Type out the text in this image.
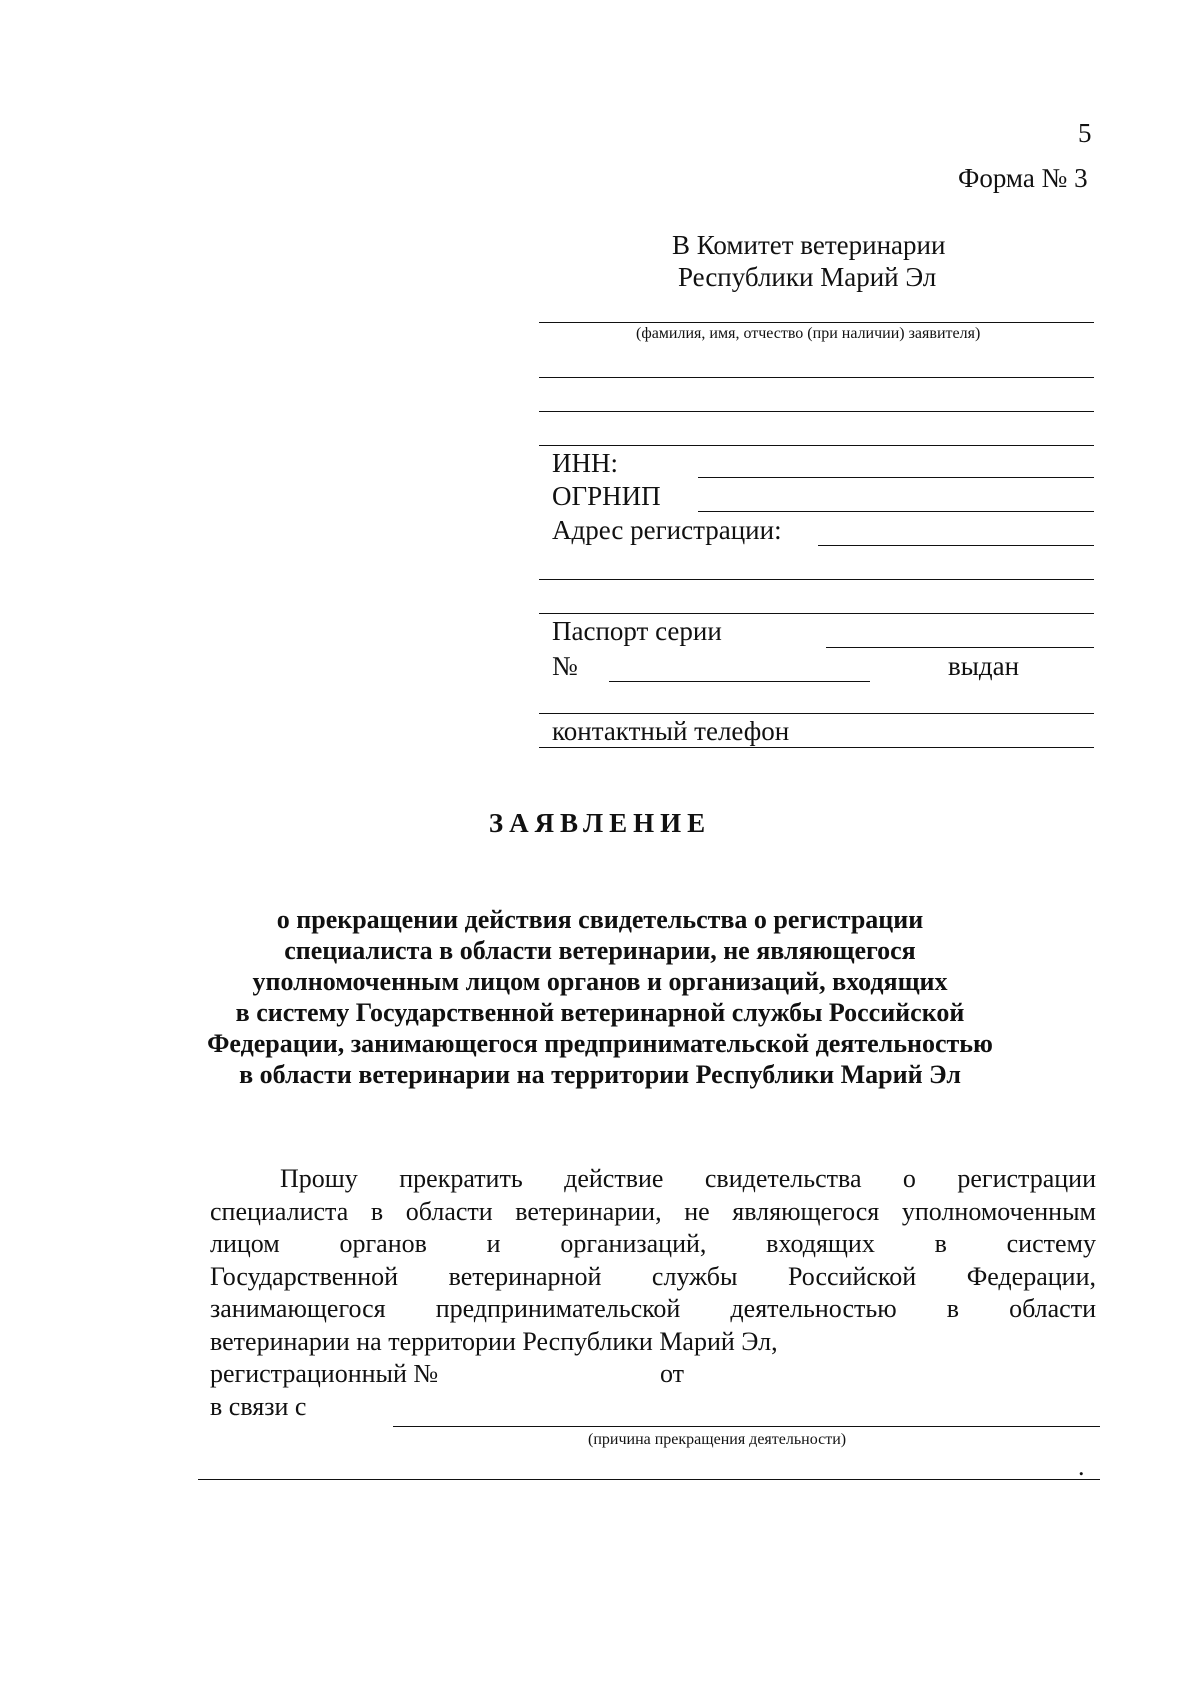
5
Форма № 3
В Комитет ветеринарии
Республики Марий Эл
(фамилия, имя, отчество (при наличии) заявителя)
ИНН:
ОГРНИП
Адрес регистрации:
Паспорт серии
№	выдан
контактный телефон
ЗАЯВЛЕНИЕ
о прекращении действия свидетельства о регистрации
специалиста в области ветеринарии, не являющегося
уполномоченным лицом органов и организаций, входящих
в систему Государственной ветеринарной службы Российской
Федерации, занимающегося предпринимательской деятельностью
в области ветеринарии на территории Республики Марий Эл
Прошу прекратить действие свидетельства о регистрации
специалиста в области ветеринарии, не являющегося уполномоченным
лицом органов и организаций, входящих в систему
Государственной ветеринарной службы Российской Федерации,
занимающегося предпринимательской деятельностью в области
ветеринарии на территории Республики Марий Эл,
регистрационный №	от
в связи с
(причина прекращения деятельности)
.
